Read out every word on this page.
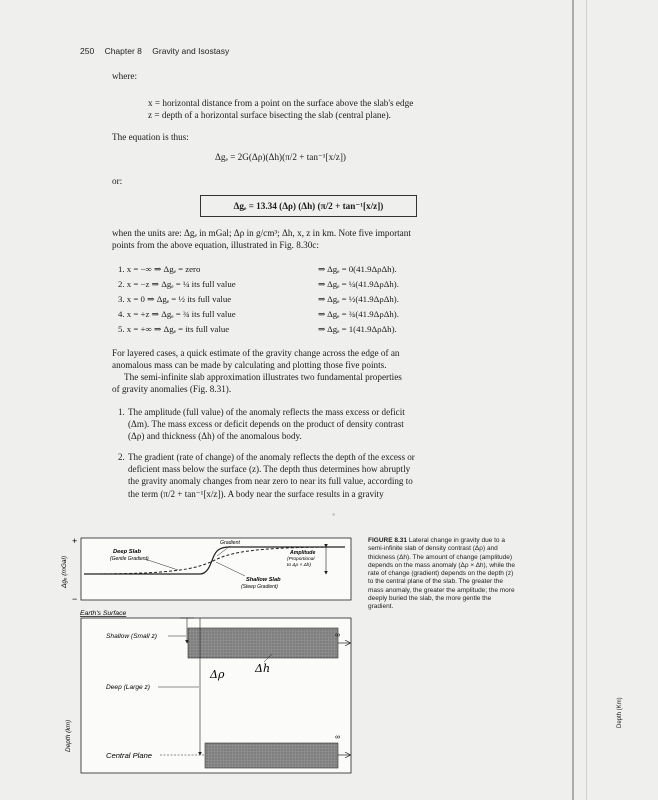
250 Chapter 8 Gravity and Isostasy
where:
x = horizontal distance from a point on the surface above the slab's edge
z = depth of a horizontal surface bisecting the slab (central plane).
The equation is thus:
Δgₑ = 2G(Δρ)(Δh)(π/2 + tan⁻¹[x/z])
or:
Δgₑ = 13.34 (Δρ) (Δh) (π/2 + tan⁻¹[x/z])
when the units are: Δgₑ in mGal; Δρ in g/cm³; Δh, x, z in km. Note five important
points from the above equation, illustrated in Fig. 8.30c:
1. x = −∞ ⇒ Δgₑ = zero	⇒ Δgₑ = 0(41.9ΔρΔh).
2. x = −z ⇒ Δgₑ = ¼ its full value	⇒ Δgₑ = ¼(41.9ΔρΔh).
3. x = 0 ⇒ Δgₑ = ½ its full value	⇒ Δgₑ = ½(41.9ΔρΔh).
4. x = +z ⇒ Δgₑ = ¾ its full value	⇒ Δgₑ = ¾(41.9ΔρΔh).
5. x = +∞ ⇒ Δgₑ = its full value	⇒ Δgₑ = 1(41.9ΔρΔh).
For layered cases, a quick estimate of the gravity change across the edge of an
anomalous mass can be made by calculating and plotting those five points.
The semi-infinite slab approximation illustrates two fundamental properties
of gravity anomalies (Fig. 8.31).
1. The amplitude (full value) of the anomaly reflects the mass excess or deficit
(Δm). The mass excess or deficit depends on the product of density contrast
(Δρ) and thickness (Δh) of the anomalous body.
2. The gradient (rate of change) of the anomaly reflects the depth of the excess or
deficient mass below the surface (z). The depth thus determines how abruptly
the gravity anomaly changes from near zero to near its full value, according to
the term (π/2 + tan⁻¹[x/z]). A body near the surface results in a gravity
∝
+
−
Δgₑ (mGal)
Deep Slab
(Gentle Gradient)
Gradient
Amplitude
(Proportional
to Δρ × Δh)
Shallow Slab
(Steep Gradient)
Earth's Surface
∞
∞
Shallow (Small z)
Deep (Large z)
Central Plane
Δρ	Δh
Depth (km)
FIGURE 8.31 Lateral change in gravity due to a semi-infinite slab of density contrast (Δρ) and thickness (Δh). The amount of change (amplitude) depends on the mass anomaly (Δρ × Δh), while the rate of change (gradient) depends on the depth (z) to the central plane of the slab. The greater the mass anomaly, the greater the amplitude; the more deeply buried the slab, the more gentle the gradient.
Depth (Km)
